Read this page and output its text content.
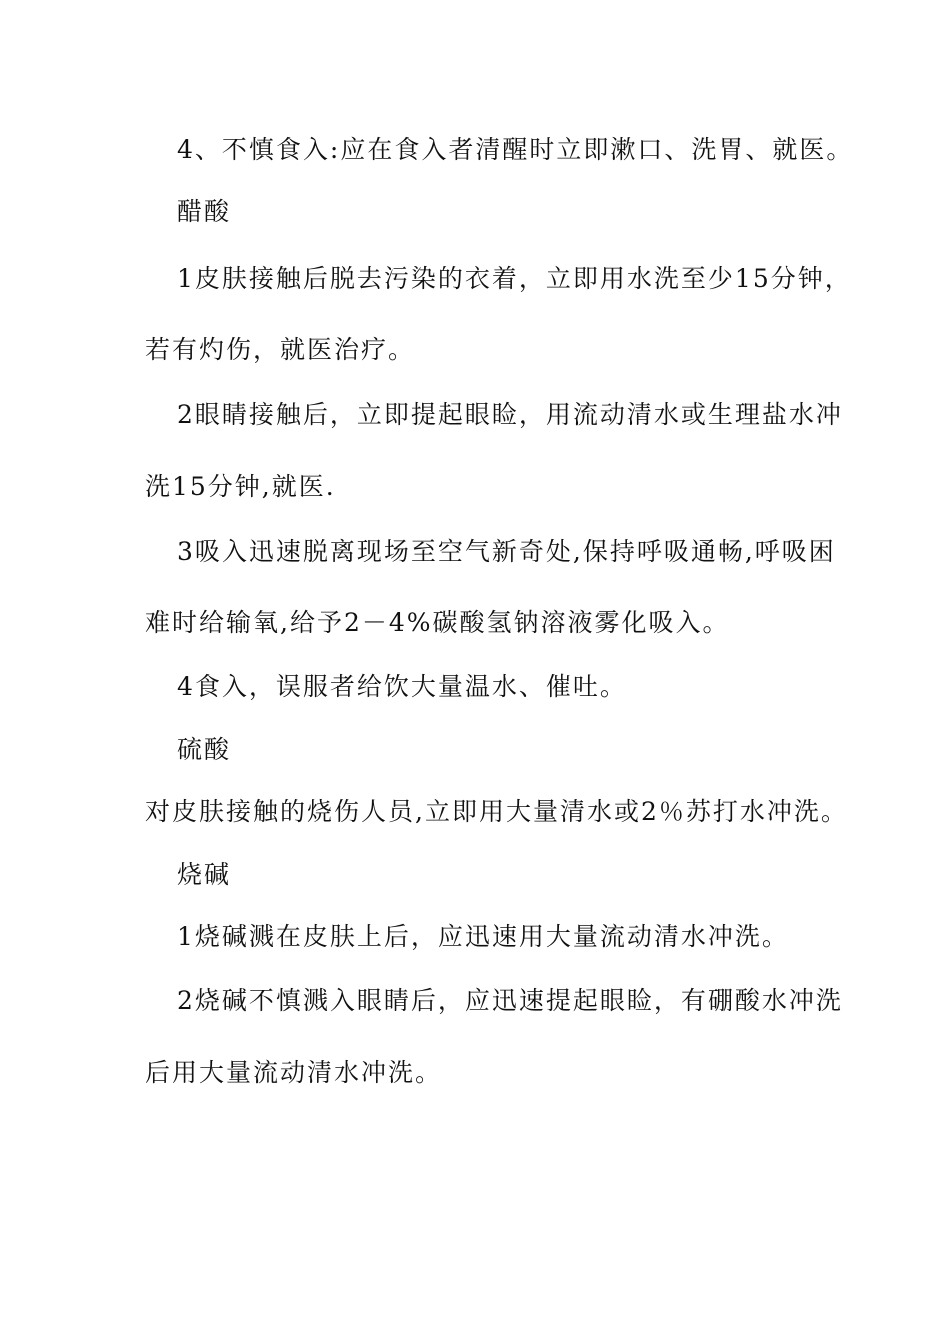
4、不慎食入:应在食入者清醒时立即漱口、洗胃、就医。
醋酸
1皮肤接触后脱去污染的衣着，立即用水洗至少15分钟，
若有灼伤，就医治疗。
2眼睛接触后，立即提起眼睑，用流动清水或生理盐水冲
洗15分钟,就医.
3吸入迅速脱离现场至空气新奇处,保持呼吸通畅,呼吸困
难时给输氧,给予2－4%碳酸氢钠溶液雾化吸入。
4食入，误服者给饮大量温水、催吐。
硫酸
对皮肤接触的烧伤人员,立即用大量清水或2％苏打水冲洗。
烧碱
1烧碱溅在皮肤上后，应迅速用大量流动清水冲洗。
2烧碱不慎溅入眼睛后，应迅速提起眼睑，有硼酸水冲洗
后用大量流动清水冲洗。
